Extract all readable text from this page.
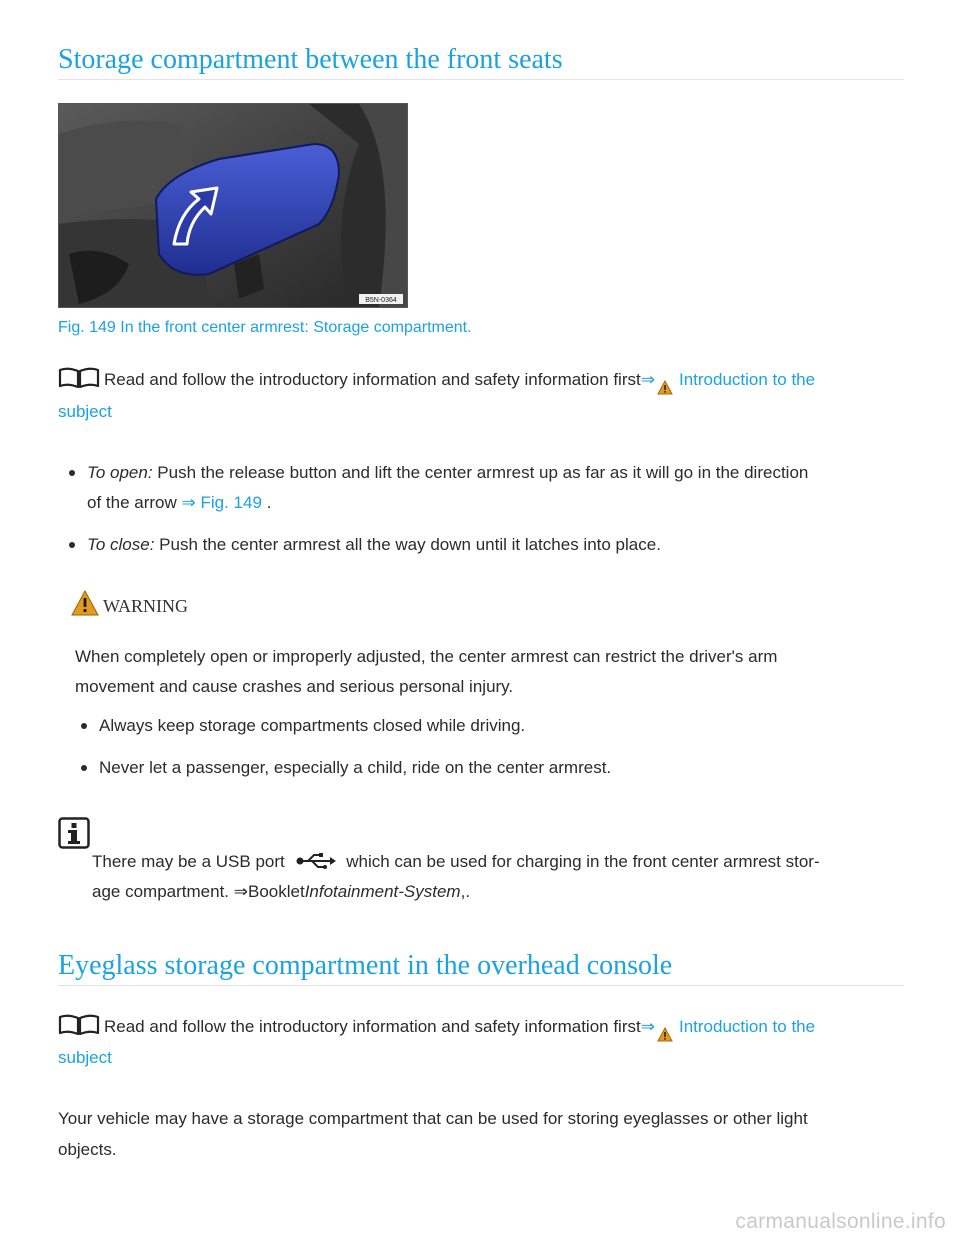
Storage compartment between the front seats
B5N-0364
Fig. 149 In the front center armrest: Storage compartment.
Read and follow the introductory information and safety information first⇒ Introduction to the
subject
To open: Push the release button and lift the center armrest up as far as it will go in the direction
of the arrow ⇒ Fig. 149 .
To close: Push the center armrest all the way down until it latches into place.
WARNING
When completely open or improperly adjusted, the center armrest can restrict the driver's arm
movement and cause crashes and serious personal injury.
Always keep storage compartments closed while driving.
Never let a passenger, especially a child, ride on the center armrest.
There may be a USB port	which can be used for charging in the front center armrest stor-
age compartment. ⇒BookletInfotainment-System,.
Eyeglass storage compartment in the overhead console
Read and follow the introductory information and safety information first⇒ Introduction to the
subject
Your vehicle may have a storage compartment that can be used for storing eyeglasses or other light
objects.
carmanualsonline.info
